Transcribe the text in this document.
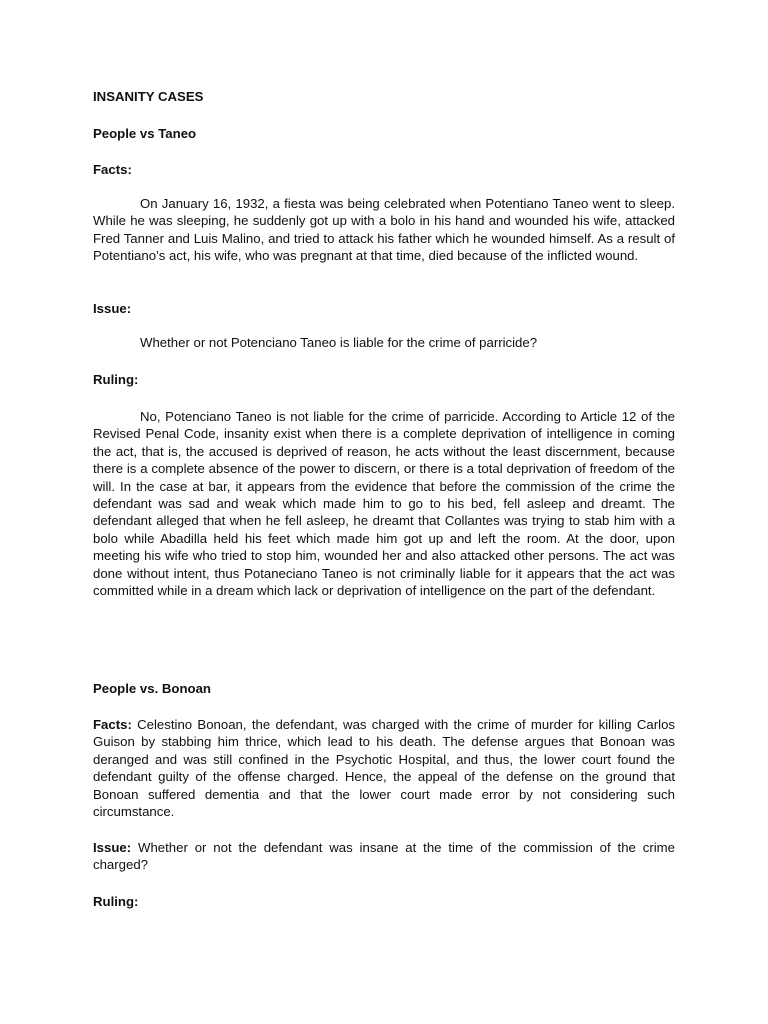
INSANITY CASES
People vs Taneo
Facts:
On January 16, 1932, a fiesta was being celebrated when Potentiano Taneo went to sleep. While he was sleeping, he suddenly got up with a bolo in his hand and wounded his wife, attacked Fred Tanner and Luis Malino, and tried to attack his father which he wounded himself. As a result of Potentiano’s act, his wife, who was pregnant at that time, died because of the inflicted wound.
Issue:
Whether or not Potenciano Taneo is liable for the crime of parricide?
Ruling:
No, Potenciano Taneo is not liable for the crime of parricide. According to Article 12 of the Revised Penal Code, insanity exist when there is a complete deprivation of intelligence in coming the act, that is, the accused is deprived of reason, he acts without the least discernment, because there is a complete absence of the power to discern, or there is a total deprivation of freedom of the will. In the case at bar, it appears from the evidence that before the commission of the crime the defendant was sad and weak which made him to go to his bed, fell asleep and dreamt. The defendant alleged that when he fell asleep, he dreamt that Collantes was trying to stab him with a bolo while Abadilla held his feet which made him got up and left the room. At the door, upon meeting his wife who tried to stop him, wounded her and also attacked other persons. The act was done without intent, thus Potaneciano Taneo is not criminally liable for it appears that the act was committed while in a dream which lack or deprivation of intelligence on the part of the defendant.
People vs. Bonoan
Facts: Celestino Bonoan, the defendant, was charged with the crime of murder for killing Carlos Guison by stabbing him thrice, which lead to his death. The defense argues that Bonoan was deranged and was still confined in the Psychotic Hospital, and thus, the lower court found the defendant guilty of the offense charged. Hence, the appeal of the defense on the ground that Bonoan suffered dementia and that the lower court made error by not considering such circumstance.
Issue: Whether or not the defendant was insane at the time of the commission of the crime charged?
Ruling:
